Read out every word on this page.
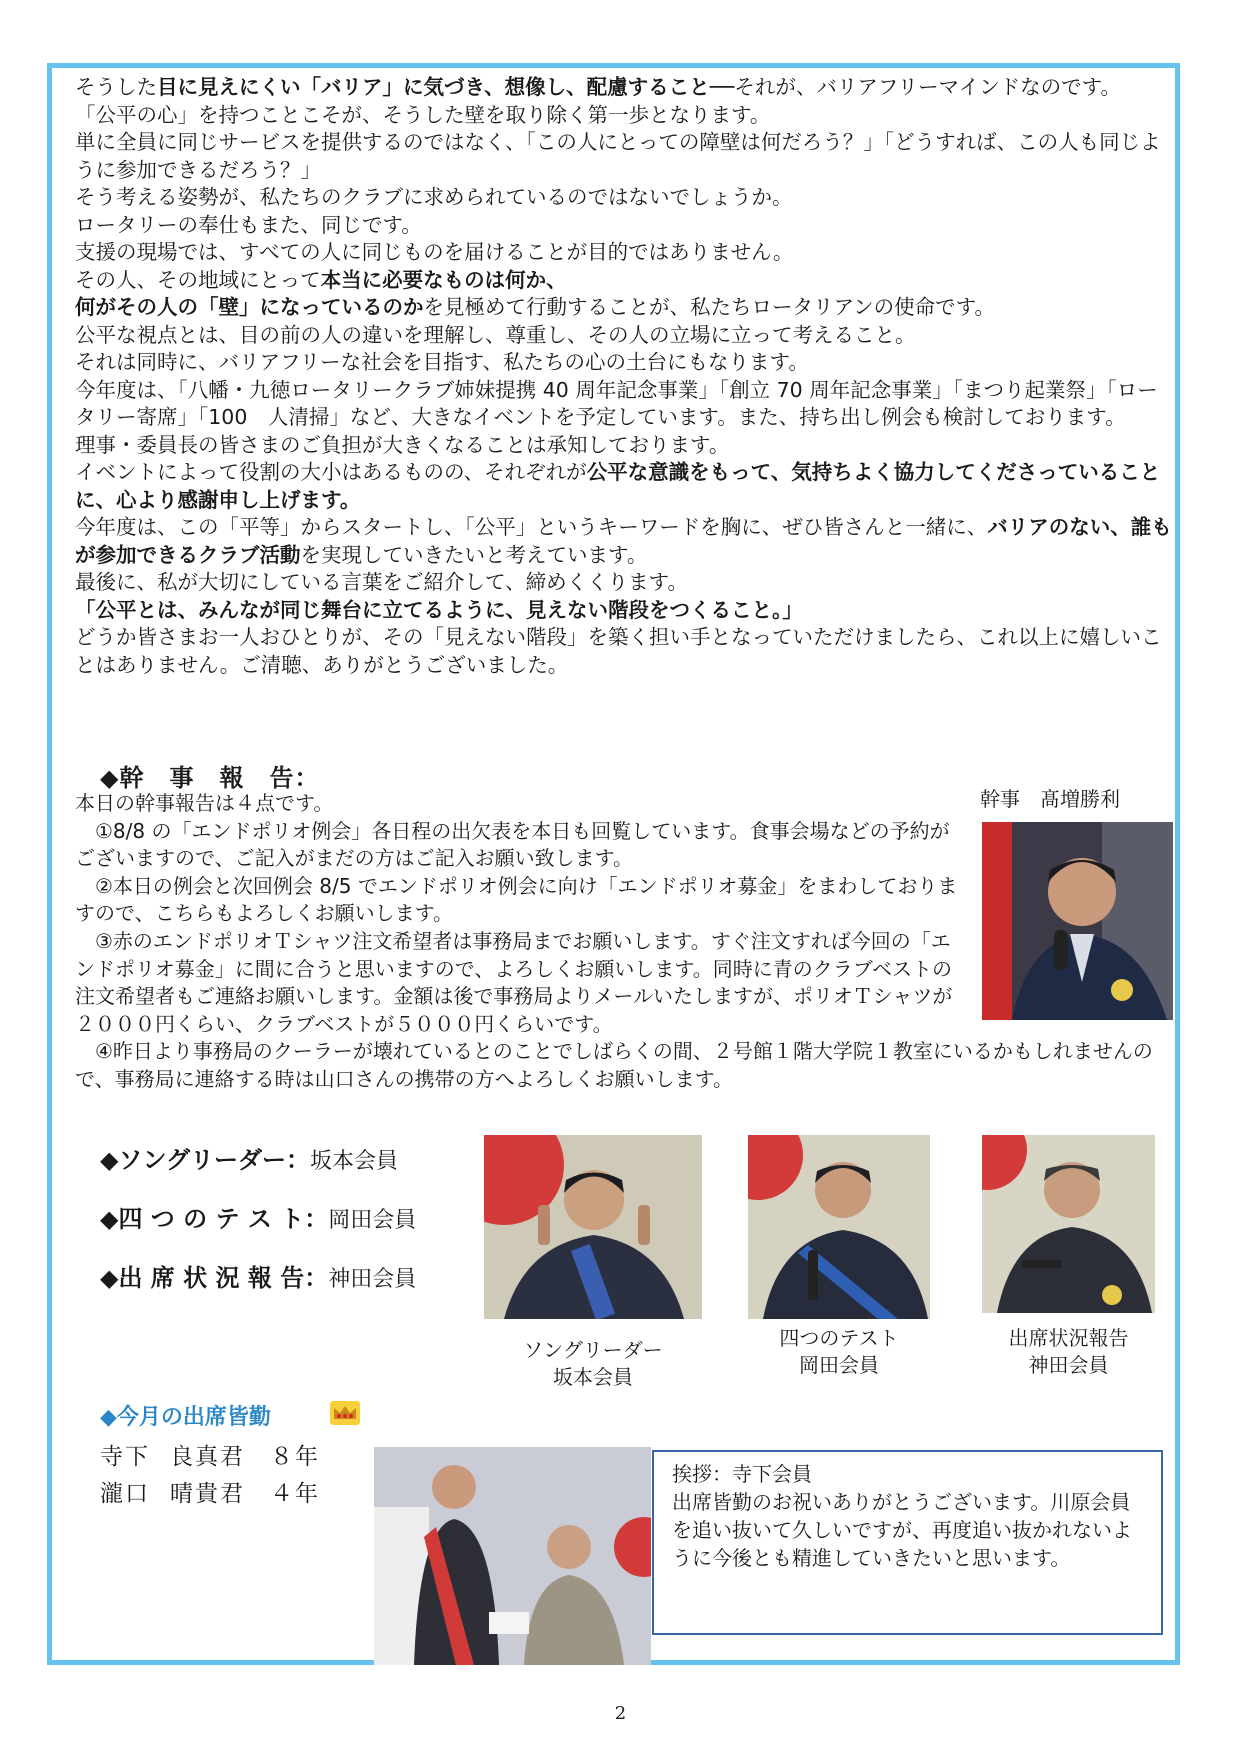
そうした目に見えにくい「バリア」に気づき、想像し、配慮すること──それが、バリアフリーマインドなのです。
「公平の心」を持つことこそが、そうした壁を取り除く第一歩となります。
単に全員に同じサービスを提供するのではなく、「この人にとっての障壁は何だろう？」「どうすれば、この人も同じように参加できるだろう？」
そう考える姿勢が、私たちのクラブに求められているのではないでしょうか。
ロータリーの奉仕もまた、同じです。
支援の現場では、すべての人に同じものを届けることが目的ではありません。
その人、その地域にとって本当に必要なものは何か、
何がその人の「壁」になっているのかを見極めて行動することが、私たちロータリアンの使命です。
公平な視点とは、目の前の人の違いを理解し、尊重し、その人の立場に立って考えること。
それは同時に、バリアフリーな社会を目指す、私たちの心の土台にもなります。
今年度は、「八幡・九徳ロータリークラブ姉妹提携 40 周年記念事業」「創立 70 周年記念事業」「まつり起業祭」「ロータリー寄席」「100　人清掃」など、大きなイベントを予定しています。また、持ち出し例会も検討しております。
理事・委員長の皆さまのご負担が大きくなることは承知しております。
イベントによって役割の大小はあるものの、それぞれが公平な意識をもって、気持ちよく協力してくださっていることに、心より感謝申し上げます。
今年度は、この「平等」からスタートし、「公平」というキーワードを胸に、ぜひ皆さんと一緒に、バリアのない、誰もが参加できるクラブ活動を実現していきたいと考えています。
最後に、私が大切にしている言葉をご紹介して、締めくくります。
「公平とは、みんなが同じ舞台に立てるように、見えない階段をつくること。」
どうか皆さまお一人おひとりが、その「見えない階段」を築く担い手となっていただけましたら、これ以上に嬉しいことはありません。ご清聴、ありがとうございました。
◆幹　事　報　告：
幹事　髙増勝利
本日の幹事報告は４点です。
①8/8 の「エンドポリオ例会」各日程の出欠表を本日も回覧しています。食事会場などの予約がございますので、ご記入がまだの方はご記入お願い致します。
②本日の例会と次回例会 8/5 でエンドポリオ例会に向け「エンドポリオ募金」をまわしておりますので、こちらもよろしくお願いします。
③赤のエンドポリオＴシャツ注文希望者は事務局までお願いします。すぐ注文すれば今回の「エンドポリオ募金」に間に合うと思いますので、よろしくお願いします。同時に青のクラブベストの注文希望者もご連絡お願いします。金額は後で事務局よりメールいたしますが、ポリオＴシャツが２０００円くらい、クラブベストが５０００円くらいです。
④昨日より事務局のクーラーが壊れているとのことでしばらくの間、２号館１階大学院１教室にいるかもしれませんので、事務局に連絡する時は山口さんの携帯の方へよろしくお願いします。
◆ソングリーダー：坂本会員
◆四 つ の テ ス ト：岡田会員
◆出 席 状 況 報 告：神田会員
ソングリーダー
坂本会員
四つのテスト
岡田会員
出席状況報告
神田会員
◆今月の出席皆勤
寺下 良真君 ８年
瀧口 晴貴君 ４年
挨拶：寺下会員
出席皆勤のお祝いありがとうございます。川原会員を追い抜いて久しいですが、再度追い抜かれないように今後とも精進していきたいと思います。
2
